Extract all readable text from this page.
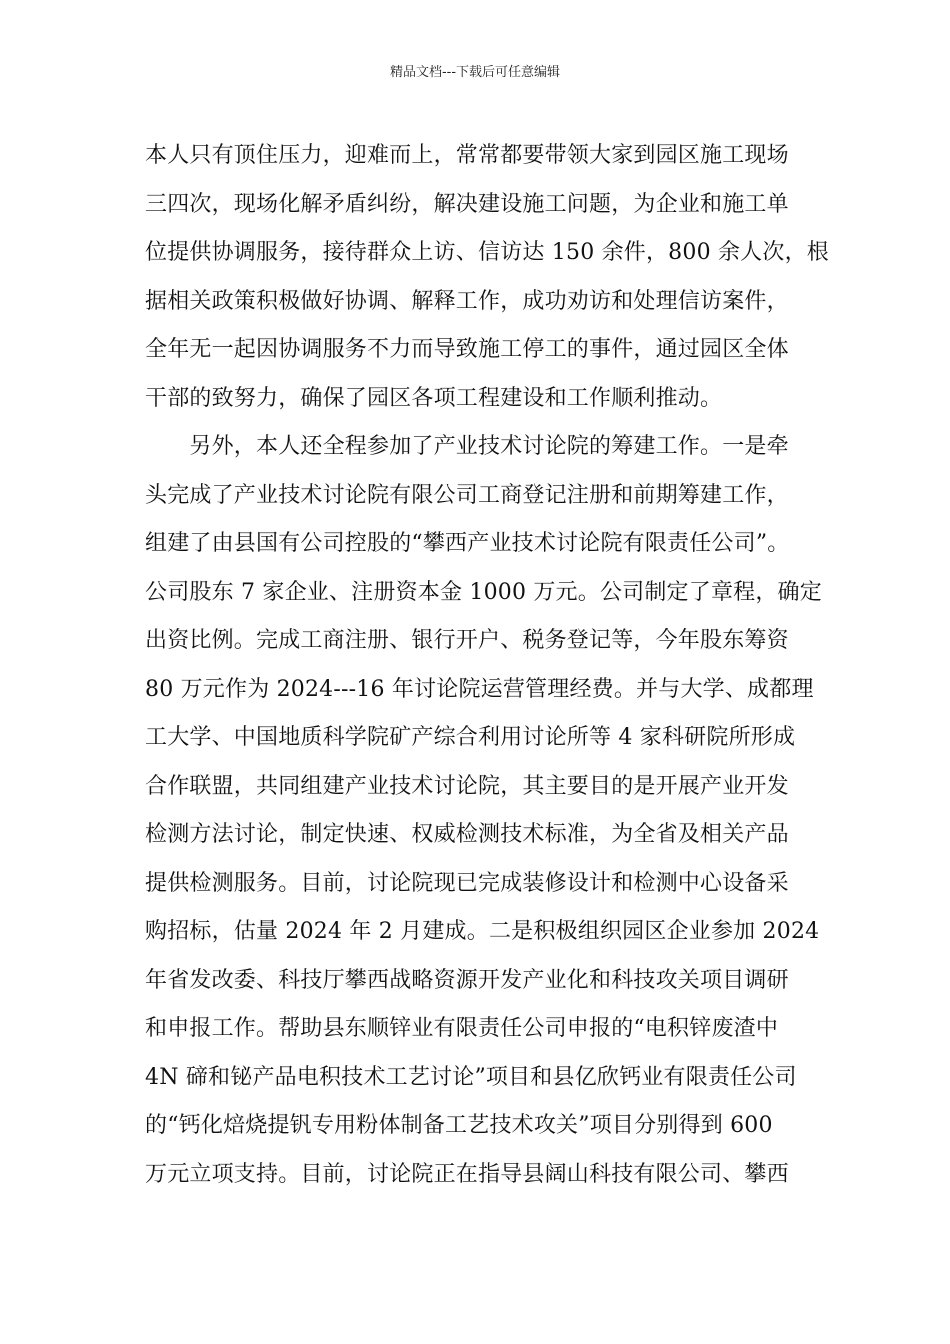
精品文档---下载后可任意编辑
本人只有顶住压力，迎难而上，常常都要带领大家到园区施工现场
三四次，现场化解矛盾纠纷，解决建设施工问题，为企业和施工单
位提供协调服务，接待群众上访、信访达 150 余件，800 余人次，根
据相关政策积极做好协调、解释工作，成功劝访和处理信访案件，
全年无一起因协调服务不力而导致施工停工的事件，通过园区全体
干部的致努力，确保了园区各项工程建设和工作顺利推动。
　　另外，本人还全程参加了产业技术讨论院的筹建工作。一是牵
头完成了产业技术讨论院有限公司工商登记注册和前期筹建工作，
组建了由县国有公司控股的“攀西产业技术讨论院有限责任公司”。
公司股东 7 家企业、注册资本金 1000 万元。公司制定了章程，确定
出资比例。完成工商注册、银行开户、税务登记等，今年股东筹资
80 万元作为 2024---16 年讨论院运营管理经费。并与大学、成都理
工大学、中国地质科学院矿产综合利用讨论所等 4 家科研院所形成
合作联盟，共同组建产业技术讨论院，其主要目的是开展产业开发
检测方法讨论，制定快速、权威检测技术标准，为全省及相关产品
提供检测服务。目前，讨论院现已完成装修设计和检测中心设备采
购招标，估量 2024 年 2 月建成。二是积极组织园区企业参加 2024
年省发改委、科技厅攀西战略资源开发产业化和科技攻关项目调研
和申报工作。帮助县东顺锌业有限责任公司申报的“电积锌废渣中
4N 碲和铋产品电积技术工艺讨论”项目和县亿欣钙业有限责任公司
的“钙化焙烧提钒专用粉体制备工艺技术攻关”项目分别得到 600
万元立项支持。目前，讨论院正在指导县阔山科技有限公司、攀西
